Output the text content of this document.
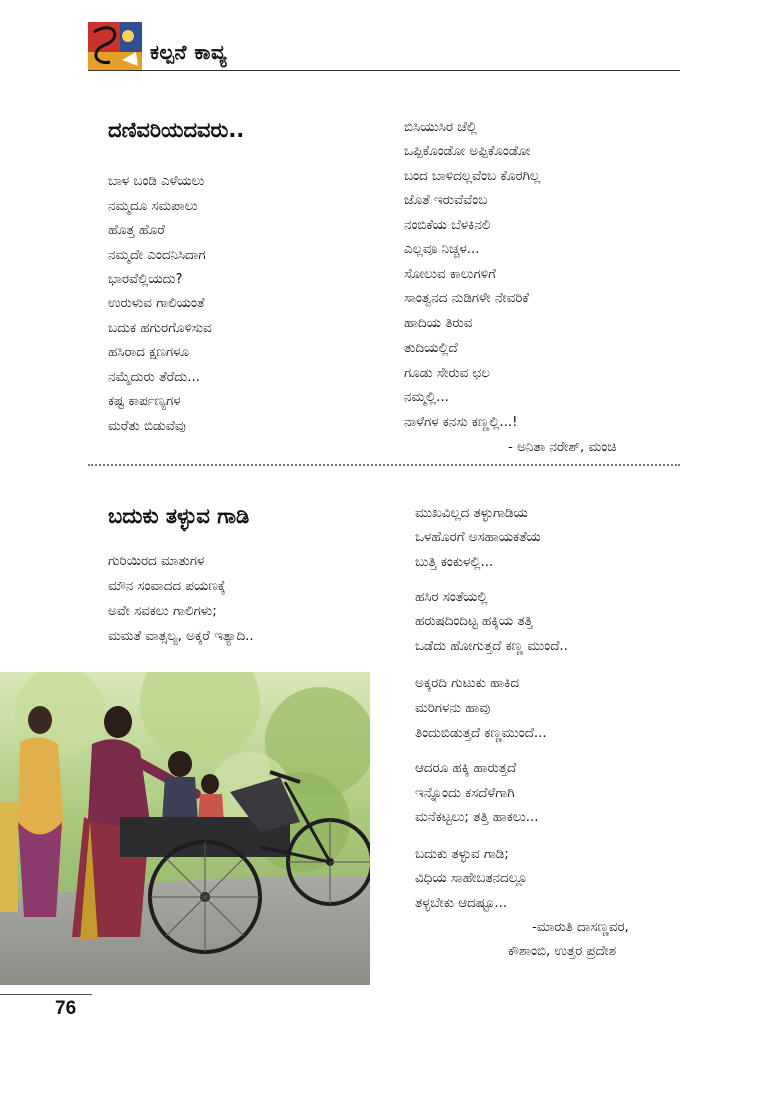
ಕಲ್ಪನೆ ಕಾವ್ಯ
ದಣಿವರಿಯದವರು..
ಬಾಳ ಬಂಡಿ ಎಳೆಯಲು
ನಮ್ಮದೂ ಸಮಪಾಲು
ಹೊತ್ತ ಹೊರೆ
ನಮ್ಮದೇ ಎಂದನಿಸಿದಾಗ
ಭಾರವೆಲ್ಲಿಯದು?
ಉರುಳುವ ಗಾಲಿಯಂತೆ
ಬದುಕ ಹಗುರಗೊಳಿಸುವ
ಹಸಿರಾದ ಕ್ಷಣಗಳೂ
ನಮ್ಮೆದುರು ತೆರೆದು...
ಕಷ್ಟ ಕಾರ್ಪಣ್ಯಗಳ
ಮರೆತು ಬಿಡುವೆವು
ಬಿಸಿಯುಸಿರ ಚೆಲ್ಲಿ
ಒಪ್ಪಿಕೊಂಡೋ ಅಪ್ಪಿಕೊಂಡೋ
ಬಂದ ಬಾಳಿದಲ್ಲವೆಂಬ ಕೊರಗಿಲ್ಲ
ಜೊತೆ ಇರುವೆವೆಂಬ
ನಂಬಿಕೆಯ ಬೆಳಕಿನಲಿ
ಎಲ್ಲವೂ ನಿಚ್ಚಳ...
ಸೋಲುವ ಕಾಲುಗಳಿಗೆ
ಸಾಂತ್ವನದ ನುಡಿಗಳೇ ನೇವರಿಕೆ
ಹಾದಿಯ ತಿರುವ
ತುದಿಯಲ್ಲಿದೆ
ಗೂಡು ಸೇರುವ ಛಲ
ನಮ್ಮಲ್ಲಿ...
ನಾಳೆಗಳ ಕನಸು ಕಣ್ಣಲ್ಲಿ...!
- ಅನಿತಾ ನರೇಶ್, ಮಂಚಿ
ಬದುಕು ತಳ್ಳುವ ಗಾಡಿ
ಗುರಿಯಿರದ ಮಾತುಗಳ
ಮೌನ ಸಂವಾದದ ಪಯಣಕ್ಕೆ
ಅವೇ ಸವಕಲು ಗಾಲಿಗಳು;
ಮಮತೆ ವಾತ್ಸಲ್ಯ, ಅಕ್ಕರೆ ಇತ್ಯಾದಿ..
ಮುಖವಿಲ್ಲದ ತಳ್ಳುಗಾಡಿಯ
ಒಳಹೊರಗೆ ಅಸಹಾಯಕತೆಯ
ಬುತ್ತಿ ಕಂಕುಳಲ್ಲಿ...
ಹಸಿರ ಸಂತೆಯಲ್ಲಿ
ಹರುಷದಿಂದಿಟ್ಟ ಹಕ್ಕಿಯ ತತ್ತಿ
ಒಡೆದು ಹೋಗುತ್ತದೆ ಕಣ್ಣ ಮುಂದೆ..
ಅಕ್ಕರದಿ ಗುಟುಕು ಹಾಕಿದ
ಮರಿಗಳನು ಹಾವು
ತಿಂದುಬಿಡುತ್ತದೆ ಕಣ್ಣಮುಂದೆ...
ಆದರೂ ಹಕ್ಕಿ ಹಾರುತ್ತದೆ
ಇನ್ನೊಂದು ಕಸದೆಳೆಗಾಗಿ
ಮನೆಕಟ್ಟಲು; ತತ್ತಿ ಹಾಕಲು...
ಬದುಕು ತಳ್ಳುವ ಗಾಡಿ;
ವಿಧಿಯ ಸಾಹೇಬತನದಲ್ಲೂ
ತಳ್ಳಬೇಕು ಆದಷ್ಟೂ...
-ಮಾರುತಿ ದಾಸಣ್ಣವರ,
ಕೌಶಾಂಬಿ, ಉತ್ತರ ಪ್ರದೇಶ
76
